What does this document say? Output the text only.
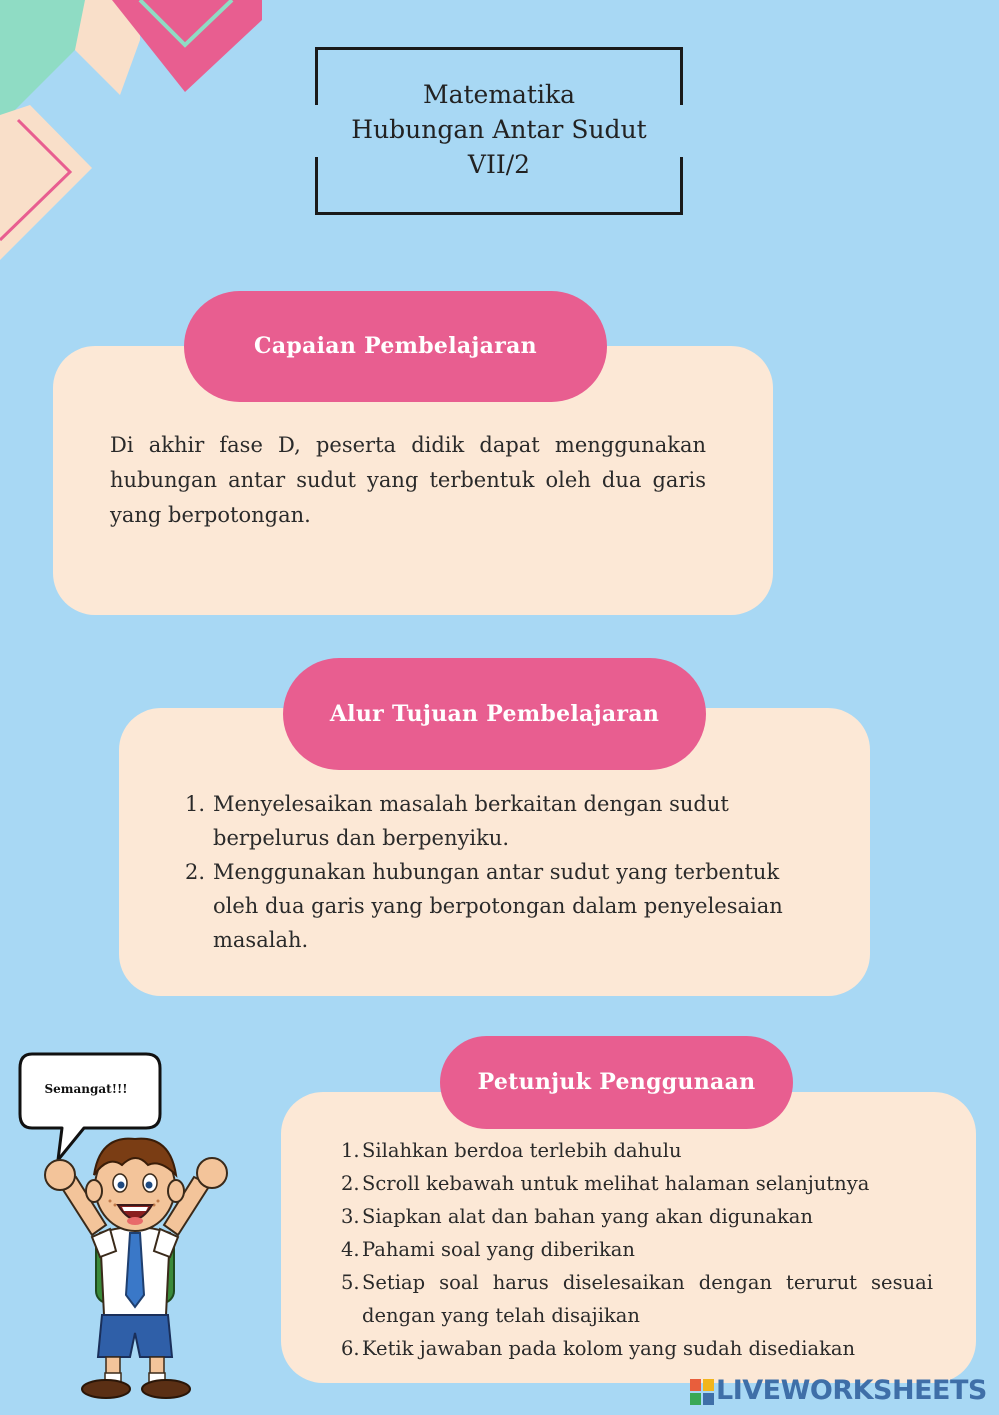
Matematika
Hubungan Antar Sudut
VII/2
Capaian Pembelajaran
Di akhir fase D, peserta didik dapat menggunakan hubungan antar sudut yang terbentuk oleh dua garis yang berpotongan.
Alur Tujuan Pembelajaran
1. Menyelesaikan masalah berkaitan dengan sudut berpelurus dan berpenyiku.
2. Menggunakan hubungan antar sudut yang terbentuk oleh dua garis yang berpotongan dalam penyelesaian masalah.
Petunjuk Penggunaan
1. Silahkan berdoa terlebih dahulu
2. Scroll kebawah untuk melihat halaman selanjutnya
3. Siapkan alat dan bahan yang akan digunakan
4. Pahami soal yang diberikan
5. Setiap soal harus diselesaikan dengan terurut sesuai dengan yang telah disajikan
6. Ketik jawaban pada kolom yang sudah disediakan
Semangat!!!
LIVEWORKSHEETS
